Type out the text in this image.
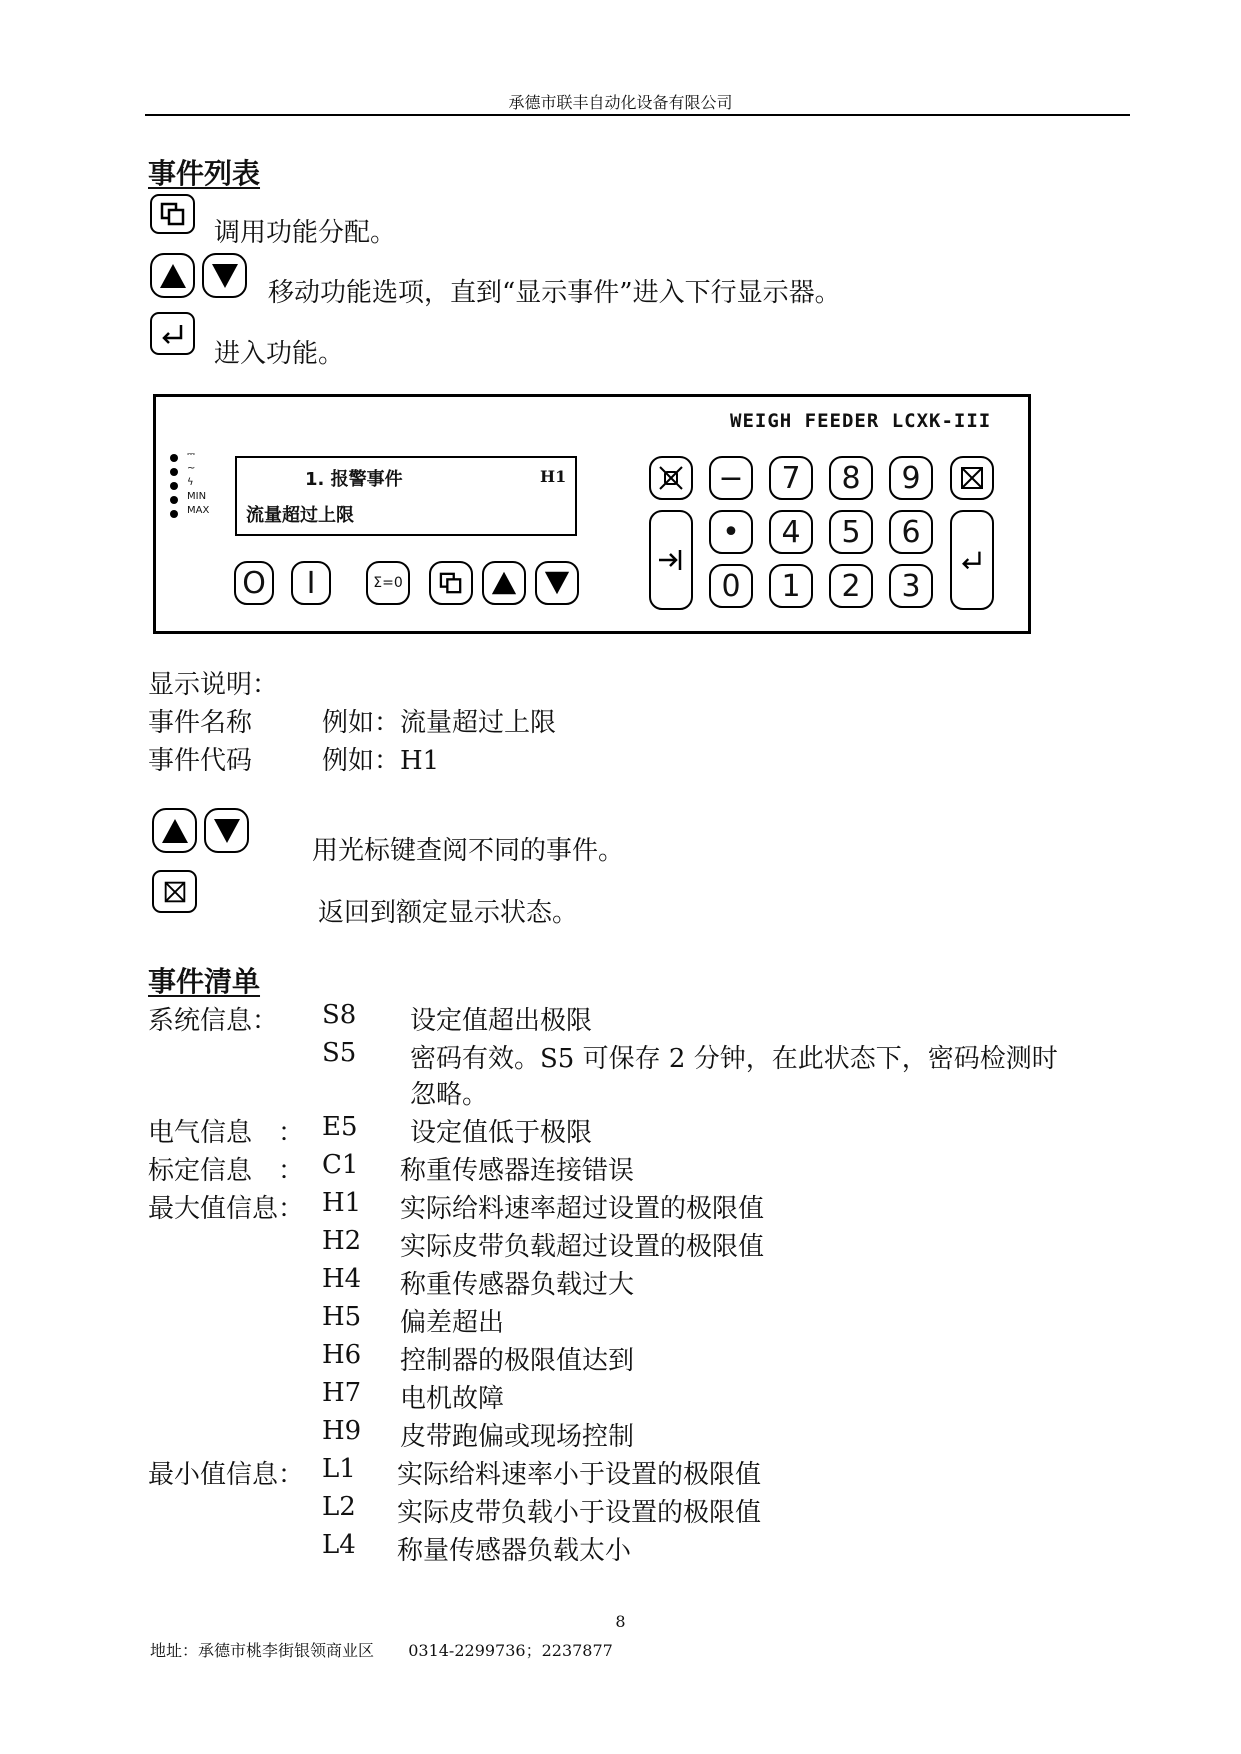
承德市联丰自动化设备有限公司
事件列表
调用功能分配。
移动功能选项，直到“显示事件”进入下行显示器。
进入功能。
WEIGH FEEDER LCXK-III
⎓
~
ϟ
MIN
MAX
1. 报警事件	H1
流量超过上限
O	I	Σ=0
−	7	8	9
•	4	5	6
0	1	2	3
显示说明：
事件名称	例如：流量超过上限
事件代码	例如：H1
用光标键查阅不同的事件。
返回到额定显示状态。
事件清单
系统信息： S8 设定值超出极限
S5 密码有效。S5 可保存 2 分钟，在此状态下，密码检测时
忽略。
电气信息　： E5 设定值低于极限
标定信息　： C1 称重传感器连接错误
最大值信息： H1 实际给料速率超过设置的极限值
H2 实际皮带负载超过设置的极限值
H4 称重传感器负载过大
H5 偏差超出
H6 控制器的极限值达到
H7 电机故障
H9 皮带跑偏或现场控制
最小值信息： L1 实际给料速率小于设置的极限值
L2 实际皮带负载小于设置的极限值
L4 称量传感器负载太小
8
地址：承德市桃李街银领商业区 0314-2299736；2237877
